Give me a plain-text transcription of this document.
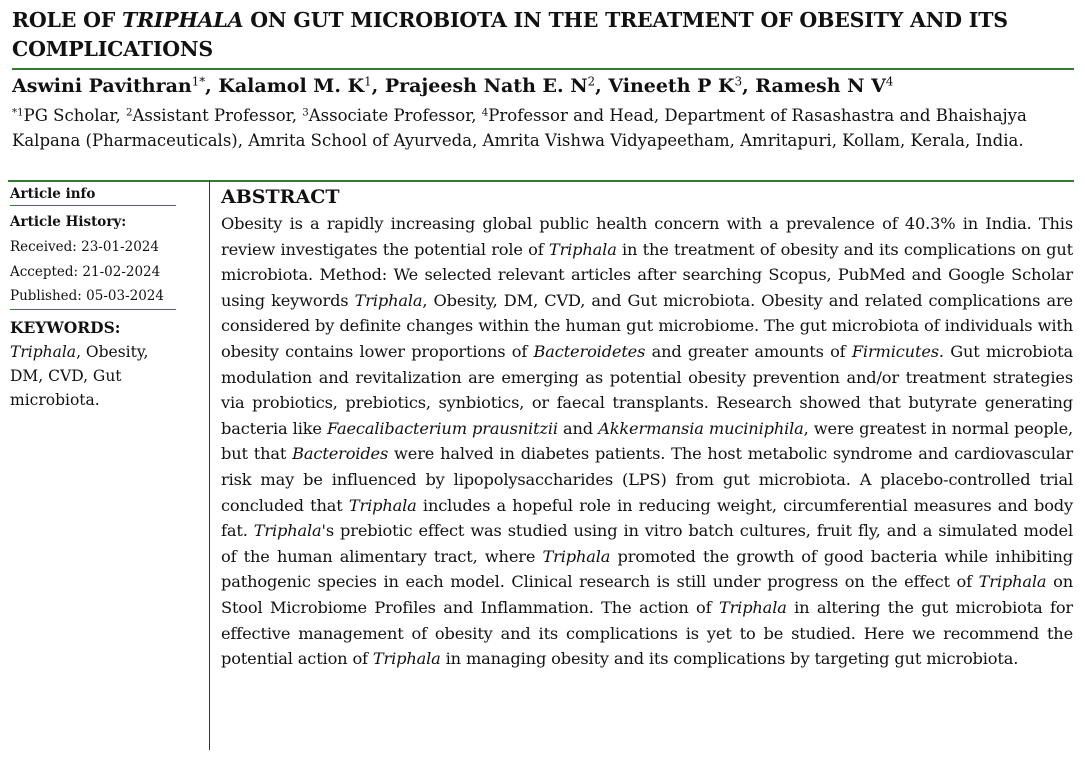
ROLE OF TRIPHALA ON GUT MICROBIOTA IN THE TREATMENT OF OBESITY AND ITS COMPLICATIONS

Aswini Pavithran$^{1*}$, Kalamol M. $K^1$, Prajeesh Nath E. $N^2$, Vineeth P $K^3$, Ramesh N $V^4$

$^{*1}$PG Scholar, $^2$Assistant Professor, $^3$Associate Professor, $^4$Professor and Head, Department of Rasashastra and Bhaishajya Kalpana (Pharmaceuticals), Amrita School of Ayurveda, Amrita Vishwa Vidyapeetham, Amritapuri, Kollam, Kerala, India.

Article info

Article History:

Received: 23-01-2024

Accepted: 21-02-2024

Published: 05-03-2024

KEYWORDS:

Triphala, Obesity, DM, CVD, Gut microbiota.

ABSTRACT

Obesity is a rapidly increasing global public health concern with a prevalence of 40.3% in India. This review investigates the potential role of Triphala in the treatment of obesity and its complications on gut microbiota. Method: We selected relevant articles after searching Scopus, PubMed and Google Scholar using keywords Triphala, Obesity, DM, CVD, and Gut microbiota. Obesity and related complications are considered by definite changes within the human gut microbiome. The gut microbiota of individuals with obesity contains lower proportions of Bacteroidetes and greater amounts of Firmicutes. Gut microbiota modulation and revitalization are emerging as potential obesity prevention and/or treatment strategies via probiotics, prebiotics, synbiotics, or faecal transplants. Research showed that butyrate generating bacteria like Faecalibacterium prausnitzii and Akkermansia muciniphila, were greatest in normal people, but that Bacteroides were halved in diabetes patients. The host metabolic syndrome and cardiovascular risk may be influenced by lipopolysaccharides (LPS) from gut microbiota. A placebo-controlled trial concluded that Triphala includes a hopeful role in reducing weight, circumferential measures and body fat. Triphala's prebiotic effect was studied using in vitro batch cultures, fruit fly, and a simulated model of the human alimentary tract, where Triphala promoted the growth of good bacteria while inhibiting pathogenic species in each model. Clinical research is still under progress on the effect of Triphala on Stool Microbiome Profiles and Inflammation. The action of Triphala in altering the gut microbiota for effective management of obesity and its complications is yet to be studied. Here we recommend the potential action of Triphala in managing obesity and its complications by targeting gut microbiota.
